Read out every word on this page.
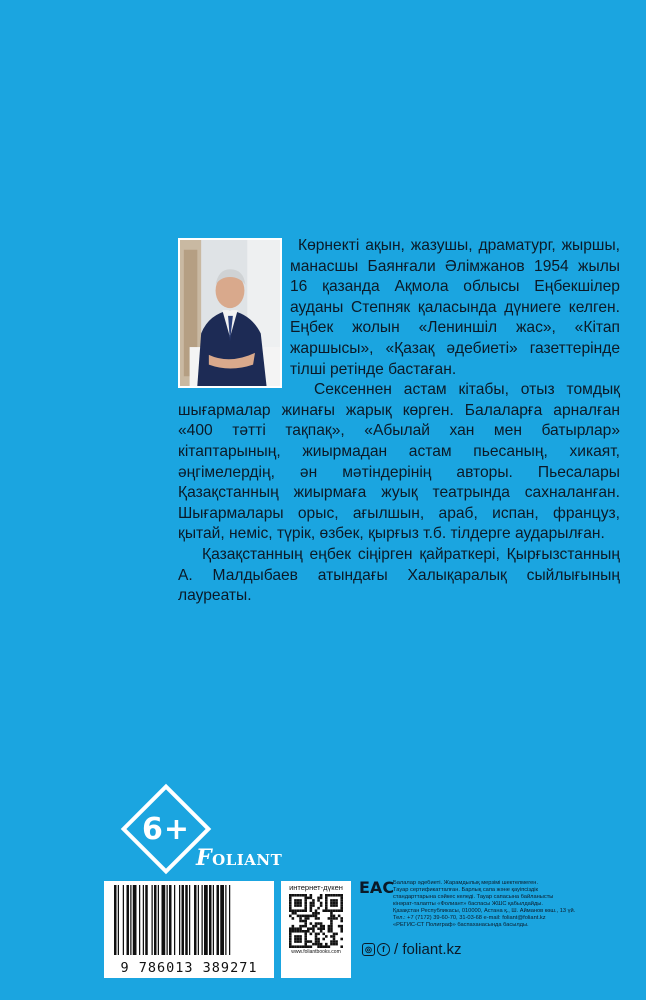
Көрнекті ақын, жазушы, драматург, жыршы, манасшы Баянғали Әлімжанов 1954 жылы 16 қазанда Ақмола облысы Еңбекшілер ауданы Степняк қаласында дүниеге келген. Еңбек жолын «Лениншіл жас», «Кітап жаршысы», «Қазақ әдебиеті» газеттерінде тілші ретінде бастаған.

Сексеннен астам кітабы, отыз томдық шығармалар жинағы жарық көрген. Балаларға арналған «400 тәтті тақпақ», «Абылай хан мен батырлар» кітаптарының, жиырмадан астам пьесаның, хикаят, әңгімелердің, ән мәтіндерінің авторы. Пьесалары Қазақстанның жиырмаға жуық театрында сахналанған. Шығармалары орыс, ағылшын, араб, испан, француз, қытай, неміс, түрік, өзбек, қырғыз т.б. тілдерге аударылған.

Қазақстанның еңбек сіңірген қайраткері, Қырғызстанның А. Малдыбаев атындағы Халықаралық сыйлығының лауреаты.

6+
FOLIANT
9 786013 389271
интернет-дүкен
www.foliantbooks.com
ЕАС
Балалар әдебиеті. Жарамдылық мерзімі шектелмеген.
Тауар сертификатталған. Барлық сапа және қауіпсіздік
стандарттарына сәйкес келеді. Тауар сапасына байланысты
кінәрат-талапты «Фолиант» баспасы ЖШС қабылдайды.
Қазақстан Республикасы, 010000, Астана қ., Ш. Айманов көш., 13 үй.
Тел.: +7 (7172) 39-60-70, 31-03-68 e-mail: foliant@foliant.kz
«РЕГИС-СТ Полиграф» баспаханасында басылды.
◎	f / foliant.kz
